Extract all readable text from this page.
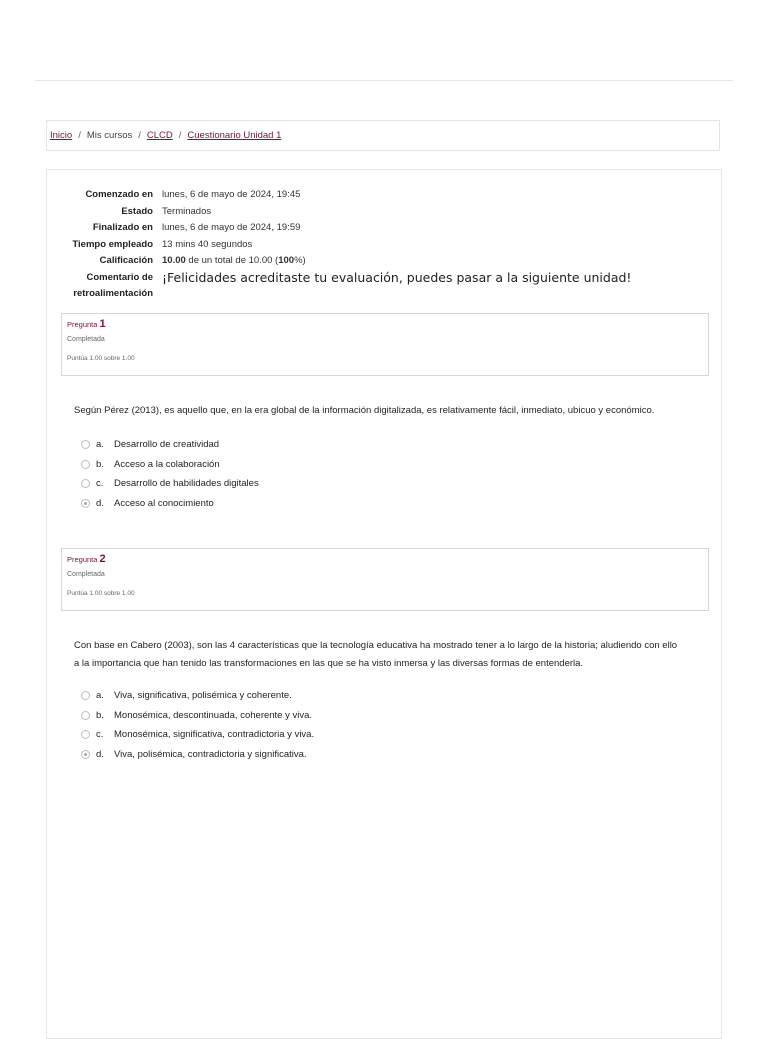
Inicio / Mis cursos / CLCD / Cuestionario Unidad 1
Comenzado en lunes, 6 de mayo de 2024, 19:45
Estado Terminados
Finalizado en lunes, 6 de mayo de 2024, 19:59
Tiempo empleado 13 mins 40 segundos
Calificación 10.00 de un total de 10.00 (100%)
Comentario de
retroalimentación
¡Felicidades acreditaste tu evaluación, puedes pasar a la siguiente unidad!
Pregunta 1
Completada
Puntúa 1.00 sobre 1.00
Según Pérez (2013), es aquello que, en la era global de la información digitalizada, es relativamente fácil, inmediato, ubicuo y económico.
a.	Desarrollo de creatividad
b.	Acceso a la colaboración
c.	Desarrollo de habilidades digitales
d.	Acceso al conocimiento
Pregunta 2
Completada
Puntúa 1.00 sobre 1.00
Con base en Cabero (2003), son las 4 características que la tecnología educativa ha mostrado tener a lo largo de la historia; aludiendo con ello
a la importancia que han tenido las transformaciones en las que se ha visto inmersa y las diversas formas de entenderla.
a.	Viva, significativa, polisémica y coherente.
b.	Monosémica, descontinuada, coherente y viva.
c.	Monosémica, significativa, contradictoria y viva.
d.	Viva, polisémica, contradictoria y significativa.
